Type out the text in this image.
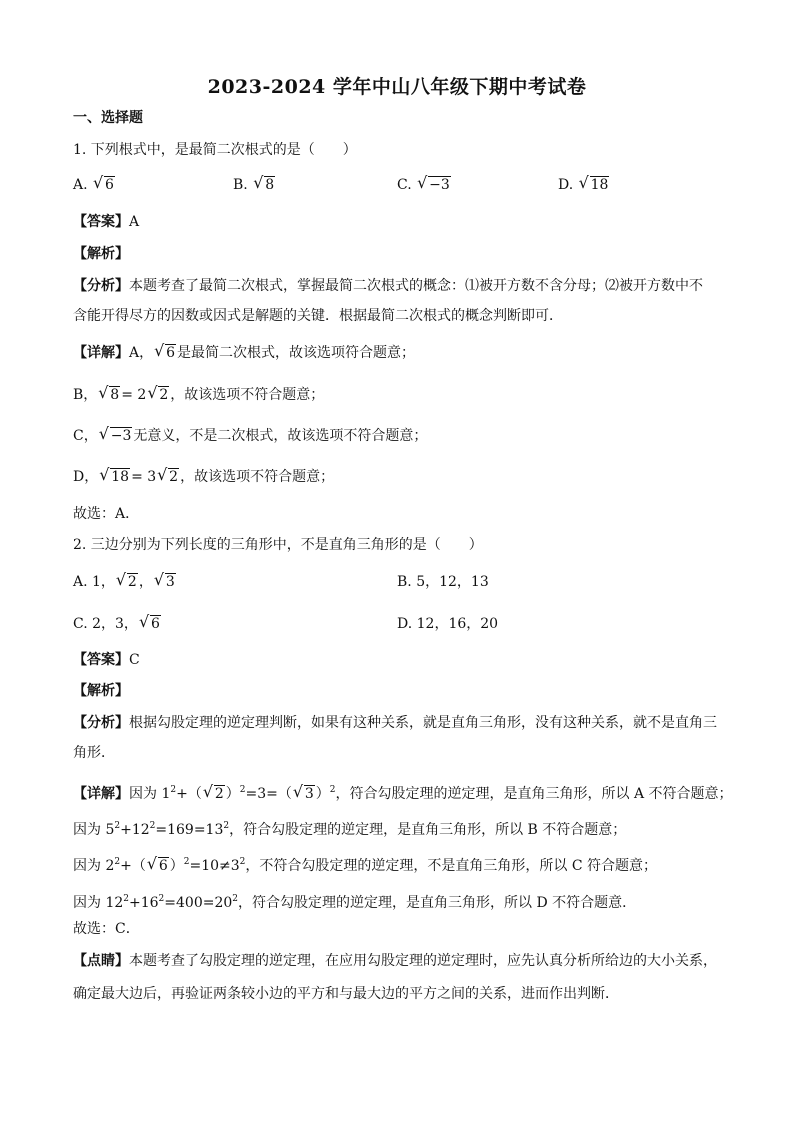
2023-2024 学年中山八年级下期中考试卷
一、选择题
1. 下列根式中，是最简二次根式的是（　　）
A. √ 6	B. √ 8	C. √ −3	D. √ 18
【答案】A
【解析】
【分析】本题考查了最简二次根式，掌握最简二次根式的概念：⑴被开方数不含分母；⑵被开方数中不
含能开得尽方的因数或因式是解题的关键．根据最简二次根式的概念判断即可．
【详解】A，√ 6 是最简二次根式，故该选项符合题意；
B，√ 8 = 2√ 2 ，故该选项不符合题意；
C，√ −3 无意义，不是二次根式，故该选项不符合题意；
D，√ 18 = 3√ 2 ，故该选项不符合题意；
故选：A．
2. 三边分别为下列长度的三角形中，不是直角三角形的是（　　）
A. 1，√ 2 ，√ 3	B. 5，12，13
C. 2，3，√ 6	D. 12，16，20
【答案】C
【解析】
【分析】根据勾股定理的逆定理判断，如果有这种关系，就是直角三角形，没有这种关系，就不是直角三
角形．
【详解】因为 $1^2+(√$ 2 ）$^2$=3=（√ 3 ）$^2$，符合勾股定理的逆定理，是直角三角形，所以 A 不符合题意；
因为 $5^2+12^2=169=13^2$，符合勾股定理的逆定理，是直角三角形，所以 B 不符合题意；
因为 $2^2+(√$ 6 ）$^2=10\ne 3^2$，不符合勾股定理的逆定理，不是直角三角形，所以 C 符合题意；
因为 $12^2+16^2=400=20^2$，符合勾股定理的逆定理，是直角三角形，所以 D 不符合题意．
故选：C．
【点睛】本题考查了勾股定理的逆定理，在应用勾股定理的逆定理时，应先认真分析所给边的大小关系，
确定最大边后，再验证两条较小边的平方和与最大边的平方之间的关系，进而作出判断．
